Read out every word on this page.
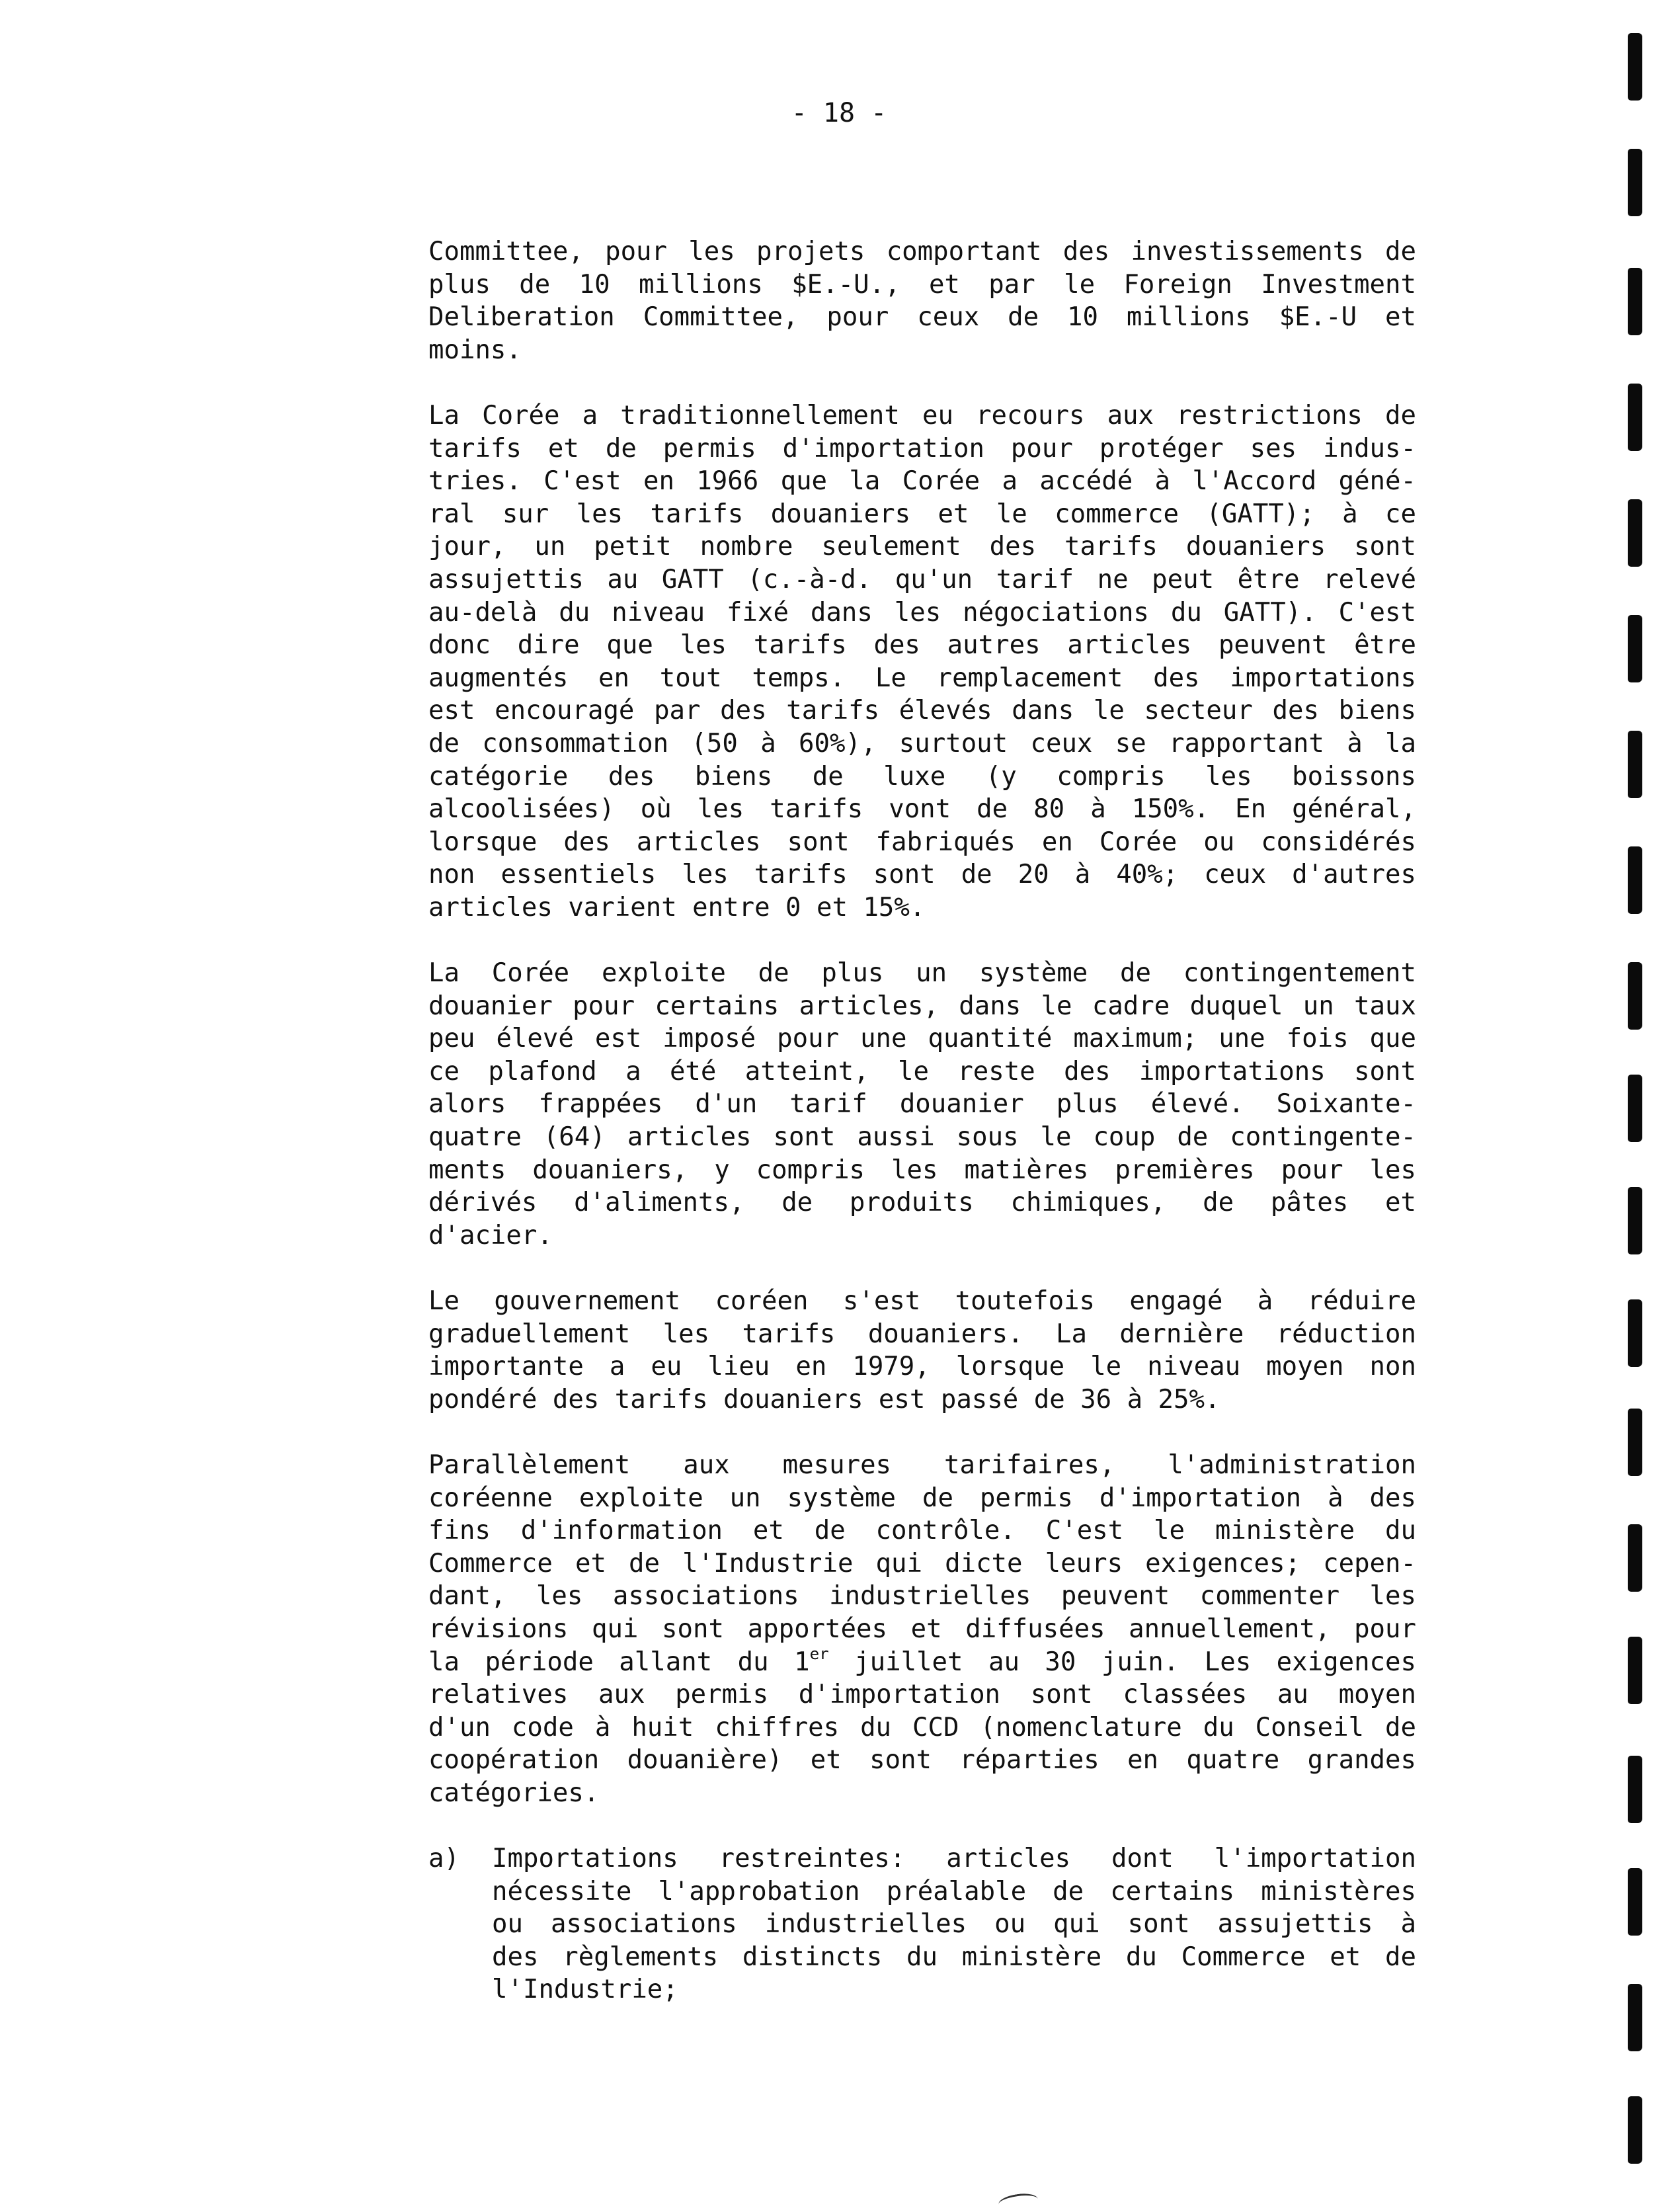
- 18 -
Committee, pour les projets comportant des investissements de
plus de 10 millions $E.-U., et par le Foreign Investment
Deliberation Committee, pour ceux de 10 millions $E.-U et
moins.
La Corée a traditionnellement eu recours aux restrictions de
tarifs et de permis d'importation pour protéger ses indus-
tries. C'est en 1966 que la Corée a accédé à l'Accord géné-
ral sur les tarifs douaniers et le commerce (GATT); à ce
jour, un petit nombre seulement des tarifs douaniers sont
assujettis au GATT (c.-à-d. qu'un tarif ne peut être relevé
au-delà du niveau fixé dans les négociations du GATT). C'est
donc dire que les tarifs des autres articles peuvent être
augmentés en tout temps. Le remplacement des importations
est encouragé par des tarifs élevés dans le secteur des biens
de consommation (50 à 60%), surtout ceux se rapportant à la
catégorie des biens de luxe (y compris les boissons
alcoolisées) où les tarifs vont de 80 à 150%. En général,
lorsque des articles sont fabriqués en Corée ou considérés
non essentiels les tarifs sont de 20 à 40%; ceux d'autres
articles varient entre 0 et 15%.
La Corée exploite de plus un système de contingentement
douanier pour certains articles, dans le cadre duquel un taux
peu élevé est imposé pour une quantité maximum; une fois que
ce plafond a été atteint, le reste des importations sont
alors frappées d'un tarif douanier plus élevé. Soixante-
quatre (64) articles sont aussi sous le coup de contingente-
ments douaniers, y compris les matières premières pour les
dérivés d'aliments, de produits chimiques, de pâtes et
d'acier.
Le gouvernement coréen s'est toutefois engagé à réduire
graduellement les tarifs douaniers. La dernière réduction
importante a eu lieu en 1979, lorsque le niveau moyen non
pondéré des tarifs douaniers est passé de 36 à 25%.
Parallèlement aux mesures tarifaires, l'administration
coréenne exploite un système de permis d'importation à des
fins d'information et de contrôle. C'est le ministère du
Commerce et de l'Industrie qui dicte leurs exigences; cepen-
dant, les associations industrielles peuvent commenter les
révisions qui sont apportées et diffusées annuellement, pour
la période allant du 1er juillet au 30 juin. Les exigences
relatives aux permis d'importation sont classées au moyen
d'un code à huit chiffres du CCD (nomenclature du Conseil de
coopération douanière) et sont réparties en quatre grandes
catégories.
a) Importations restreintes: articles dont l'importation
nécessite l'approbation préalable de certains ministères
ou associations industrielles ou qui sont assujettis à
des règlements distincts du ministère du Commerce et de
l'Industrie;
